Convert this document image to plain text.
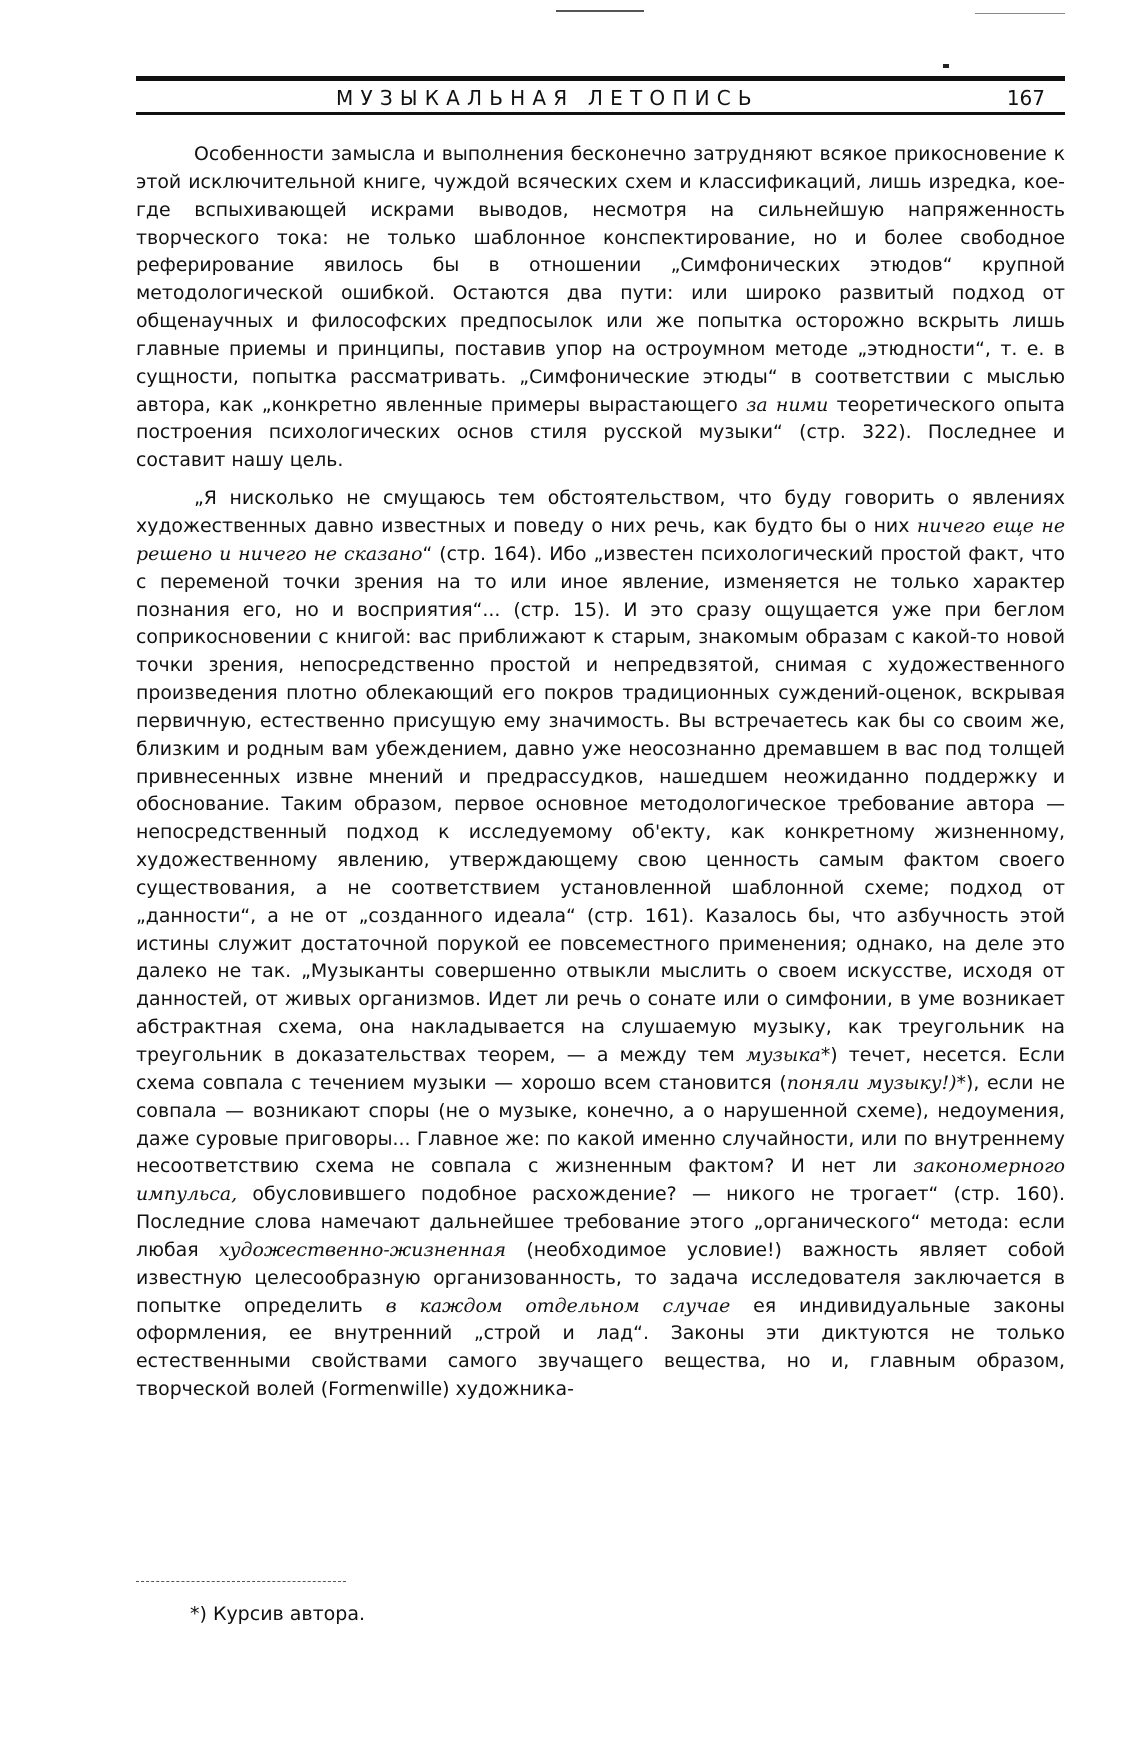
МУЗЫКАЛЬНАЯ ЛЕТОПИСЬ	167

Особенности замысла и выполнения бесконечно затрудняют всякое прикосновение к этой исключительной книге, чуждой всяческих схем и классификаций, лишь изредка, кое-где вспыхивающей искрами выводов, несмотря на сильнейшую напряженность творческого тока: не только шаблонное конспектирование, но и более свободное реферирование явилось бы в отношении „Симфонических этюдов“ крупной методологической ошибкой. Остаются два пути: или широко развитый подход от общенаучных и философских предпосылок или же попытка осторожно вскрыть лишь главные приемы и принципы, поставив упор на остроумном методе „этюдности“, т. е. в сущности, попытка рассматривать. „Симфонические этюды“ в соответствии с мыслью автора, как „конкретно явленные примеры вырастающего за ними теоретического опыта построения психологических основ стиля русской музыки“ (стр. 322). Последнее и составит нашу цель.

„Я нисколько не смущаюсь тем обстоятельством, что буду говорить о явлениях художественных давно известных и поведу о них речь, как будто бы о них ничего еще не решено и ничего не сказано“ (стр. 164). Ибо „известен психологический простой факт, что с переменой точки зрения на то или иное явление, изменяется не только характер познания его, но и восприятия“... (стр. 15). И это сразу ощущается уже при беглом соприкосновении с книгой: вас приближают к старым, знакомым образам с какой-то новой точки зрения, непосредственно простой и непредвзятой, снимая с художественного произведения плотно облекающий его покров традиционных суждений-оценок, вскрывая первичную, естественно присущую ему значимость. Вы встречаетесь как бы со своим же, близким и родным вам убеждением, давно уже неосознанно дремавшем в вас под толщей привнесенных извне мнений и предрассудков, нашедшем неожиданно поддержку и обоснование. Таким образом, первое основное методологическое требование автора — непосредственный подход к исследуемому об'екту, как конкретному жизненному, художественному явлению, утверждающему свою ценность самым фактом своего существования, а не соответствием установленной шаблонной схеме; подход от „данности“, а не от „созданного идеала“ (стр. 161). Казалось бы, что азбучность этой истины служит достаточной порукой ее повсеместного применения; однако, на деле это далеко не так. „Музыканты совершенно отвыкли мыслить о своем искусстве, исходя от данностей, от живых организмов. Идет ли речь о сонате или о симфонии, в уме возникает абстрактная схема, она накладывается на слушаемую музыку, как треугольник на треугольник в доказательствах теорем, — а между тем музыка*) течет, несется. Если схема совпала с течением музыки — хорошо всем становится (поняли музыку!)*), если не совпала — возникают споры (не о музыке, конечно, а о нарушенной схеме), недоумения, даже суровые приговоры... Главное же: по какой именно случайности, или по внутреннему несоответствию схема не совпала с жизненным фактом? И нет ли закономерного импульса, обусловившего подобное расхождение? — никого не трогает“ (стр. 160). Последние слова намечают дальнейшее требование этого „органического“ метода: если любая художественно-жизненная (необходимое условие!) важность являет собой известную целесообразную организованность, то задача исследователя заключается в попытке определить в каждом отдельном случае ея индивидуальные законы оформления, ее внутренний „строй и лад“. Законы эти диктуются не только естественными свойствами самого звучащего вещества, но и, главным образом, творческой волей (Formenwille) художника-

*) Курсив автора.
